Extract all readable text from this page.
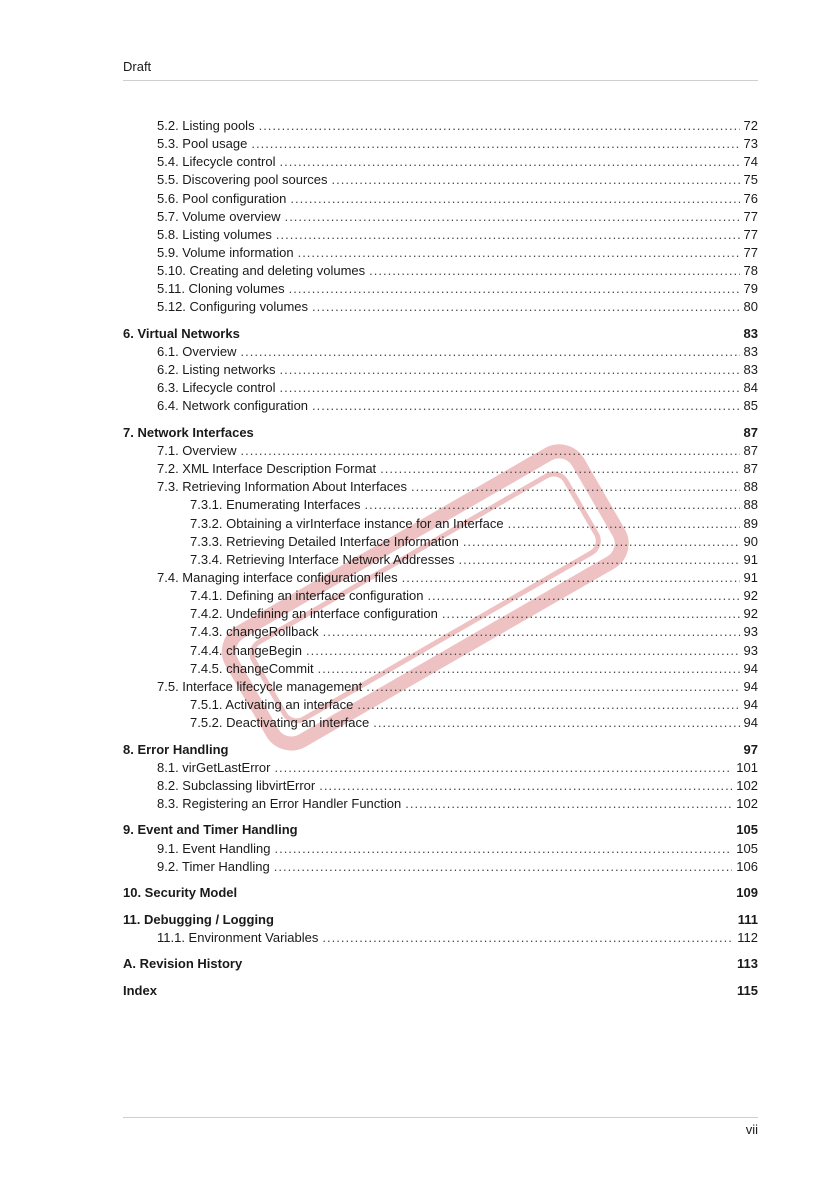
Draft
5.2. Listing pools .....	72
5.3. Pool usage .....	73
5.4. Lifecycle control .....	74
5.5. Discovering pool sources .....	75
5.6. Pool configuration .....	76
5.7. Volume overview .....	77
5.8. Listing volumes .....	77
5.9. Volume information .....	77
5.10. Creating and deleting volumes .....	78
5.11. Cloning volumes .....	79
5.12. Configuring volumes .....	80
6. Virtual Networks	83
6.1. Overview .....	83
6.2. Listing networks .....	83
6.3. Lifecycle control .....	84
6.4. Network configuration .....	85
7. Network Interfaces	87
7.1. Overview .....	87
7.2. XML Interface Description Format .....	87
7.3. Retrieving Information About Interfaces .....	88
7.3.1. Enumerating Interfaces .....	88
7.3.2. Obtaining a virInterface instance for an Interface .....	89
7.3.3. Retrieving Detailed Interface Information .....	90
7.3.4. Retrieving Interface Network Addresses .....	91
7.4. Managing interface configuration files .....	91
7.4.1. Defining an interface configuration .....	92
7.4.2. Undefining an interface configuration .....	92
7.4.3. changeRollback .....	93
7.4.4. changeBegin .....	93
7.4.5. changeCommit .....	94
7.5. Interface lifecycle management .....	94
7.5.1. Activating an interface .....	94
7.5.2. Deactivating an interface .....	94
8. Error Handling	97
8.1. virGetLastError .....	101
8.2. Subclassing libvirtError .....	102
8.3. Registering an Error Handler Function .....	102
9. Event and Timer Handling	105
9.1. Event Handling .....	105
9.2. Timer Handling .....	106
10. Security Model	109
11. Debugging / Logging	111
11.1. Environment Variables .....	112
A. Revision History	113
Index	115
vii
